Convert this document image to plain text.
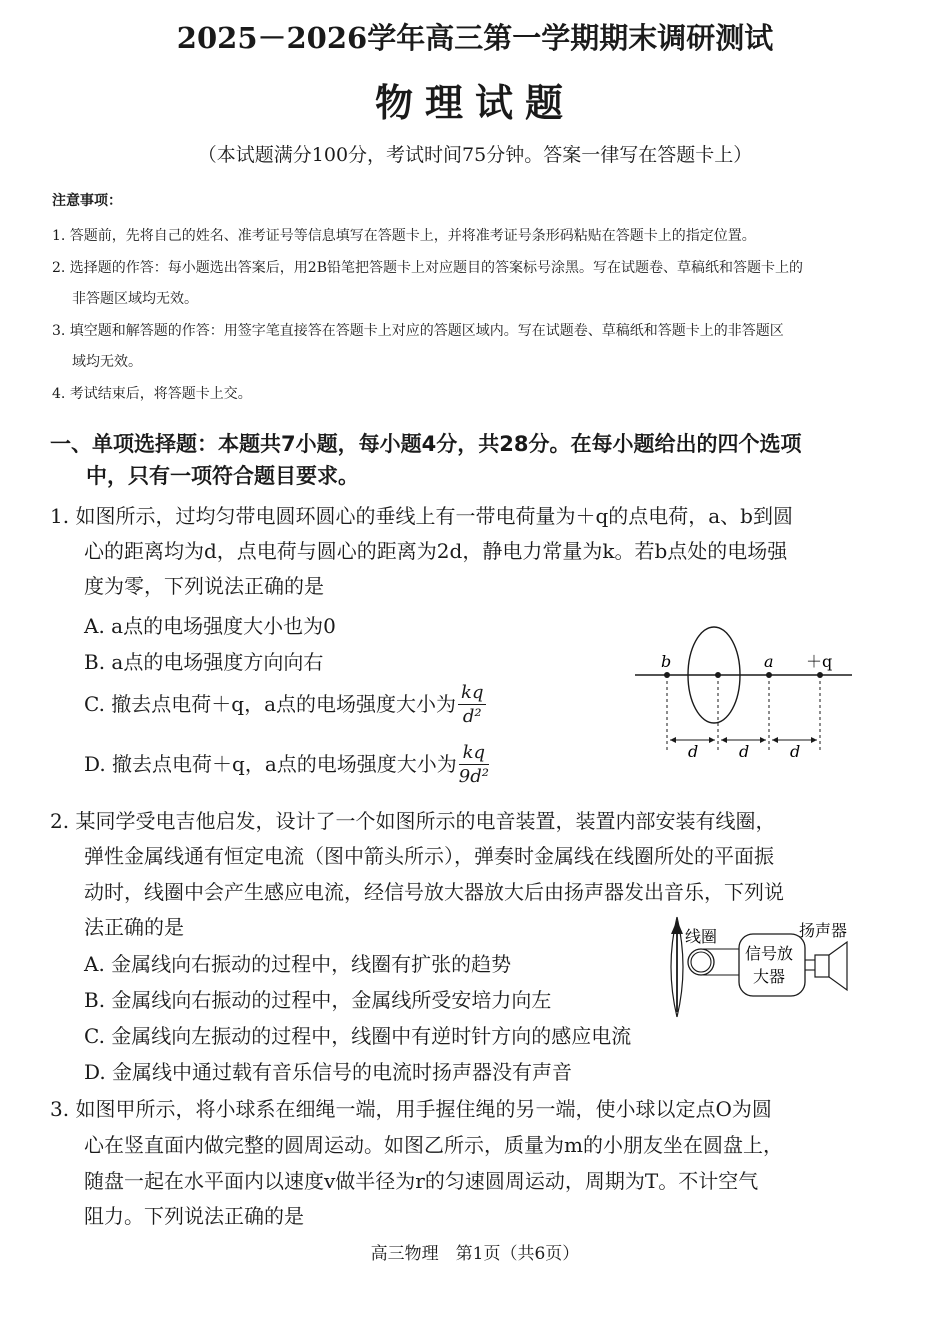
2025－2026学年高三第一学期期末调研测试

物理试题

（本试题满分100分，考试时间75分钟。答案一律写在答题卡上）

注意事项：

1. 答题前，先将自己的姓名、准考证号等信息填写在答题卡上，并将准考证号条形码粘贴在答题卡上的指定位置。

2. 选择题的作答：每小题选出答案后，用2B铅笔把答题卡上对应题目的答案标号涂黑。写在试题卷、草稿纸和答题卡上的

非答题区域均无效。

3. 填空题和解答题的作答：用签字笔直接答在答题卡上对应的答题区域内。写在试题卷、草稿纸和答题卡上的非答题区

域均无效。

4. 考试结束后，将答题卡上交。

一、单项选择题：本题共7小题，每小题4分，共28分。在每小题给出的四个选项

中，只有一项符合题目要求。

1. 如图所示，过均匀带电圆环圆心的垂线上有一带电荷量为＋q的点电荷，a、b到圆

心的距离均为d，点电荷与圆心的距离为2d，静电力常量为k。若b点处的电场强

度为零，下列说法正确的是

A. a点的电场强度大小也为0

B. a点的电场强度方向向右

C. 撤去点电荷＋q，a点的电场强度大小为 $\frac{kq}{\text{d²}}$
D. 撤去点电荷＋q，a点的电场强度大小为 $\frac{kq}{\text{9d²}}$
b	a ＋q
d	d	d

2. 某同学受电吉他启发，设计了一个如图所示的电音装置，装置内部安装有线圈，

弹性金属线通有恒定电流（图中箭头所示），弹奏时金属线在线圈所处的平面振

动时，线圈中会产生感应电流，经信号放大器放大后由扬声器发出音乐，下列说

法正确的是

A. 金属线向右振动的过程中，线圈有扩张的趋势

B. 金属线向右振动的过程中，金属线所受安培力向左

C. 金属线向左振动的过程中，线圈中有逆时针方向的感应电流

D. 金属线中通过载有音乐信号的电流时扬声器没有声音

线圈
信号放
大器
扬声器

3. 如图甲所示，将小球系在细绳一端，用手握住绳的另一端，使小球以定点O为圆

心在竖直面内做完整的圆周运动。如图乙所示，质量为m的小朋友坐在圆盘上，

随盘一起在水平面内以速度v做半径为r的匀速圆周运动，周期为T。不计空气

阻力。下列说法正确的是

高三物理　第1页（共6页）
